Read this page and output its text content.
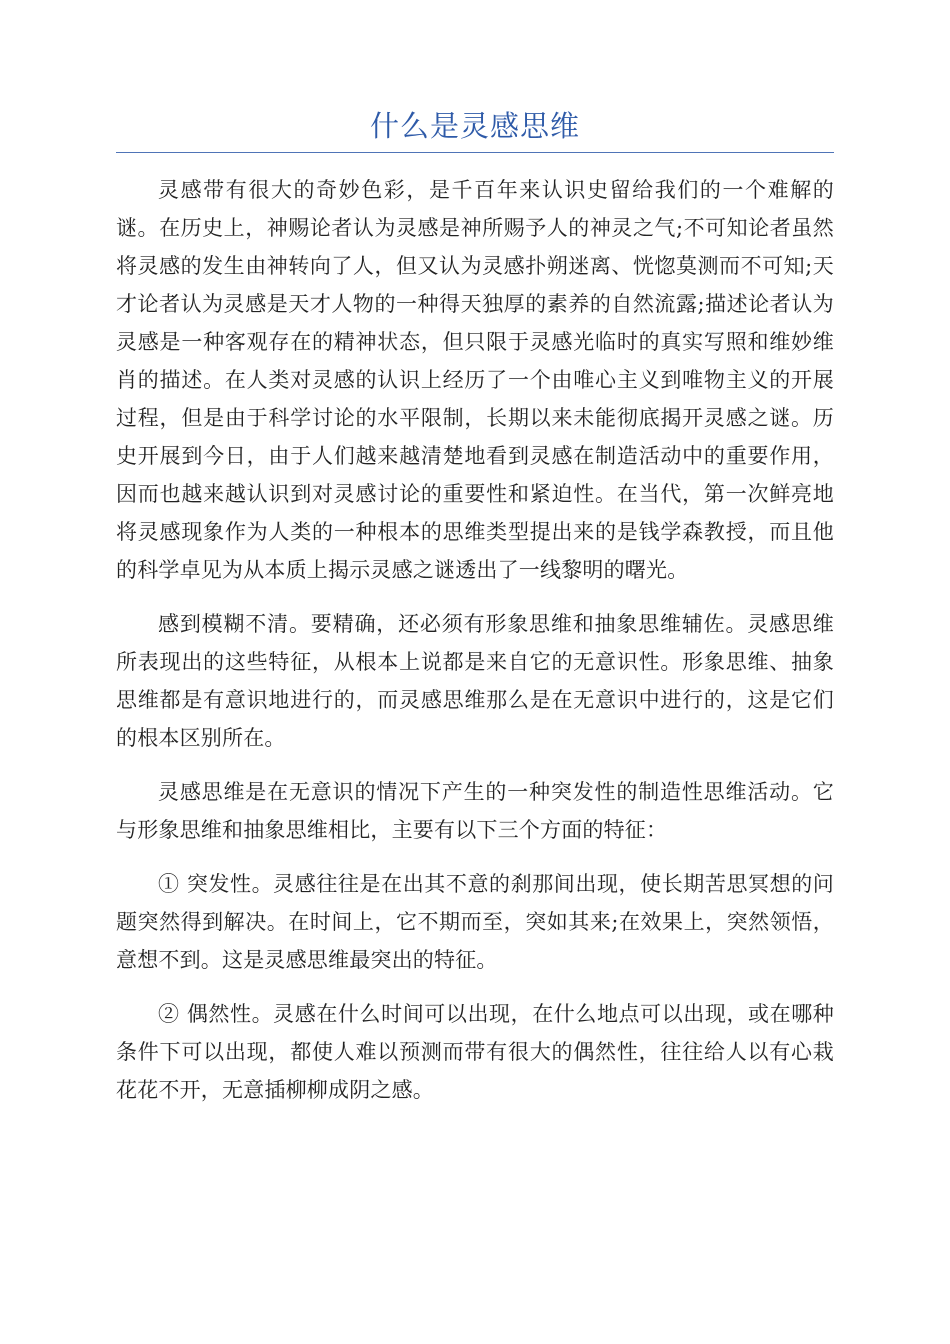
什么是灵感思维

灵感带有很大的奇妙色彩，是千百年来认识史留给我们的一个难解的谜。在历史上，神赐论者认为灵感是神所赐予人的神灵之气;不可知论者虽然将灵感的发生由神转向了人，但又认为灵感扑朔迷离、恍惚莫测而不可知;天才论者认为灵感是天才人物的一种得天独厚的素养的自然流露;描述论者认为灵感是一种客观存在的精神状态，但只限于灵感光临时的真实写照和维妙维肖的描述。在人类对灵感的认识上经历了一个由唯心主义到唯物主义的开展过程，但是由于科学讨论的水平限制，长期以来未能彻底揭开灵感之谜。历史开展到今日，由于人们越来越清楚地看到灵感在制造活动中的重要作用，因而也越来越认识到对灵感讨论的重要性和紧迫性。在当代，第一次鲜亮地将灵感现象作为人类的一种根本的思维类型提出来的是钱学森教授，而且他的科学卓见为从本质上揭示灵感之谜透出了一线黎明的曙光。

感到模糊不清。要精确，还必须有形象思维和抽象思维辅佐。灵感思维所表现出的这些特征，从根本上说都是来自它的无意识性。形象思维、抽象思维都是有意识地进行的，而灵感思维那么是在无意识中进行的，这是它们的根本区别所在。

灵感思维是在无意识的情况下产生的一种突发性的制造性思维活动。它与形象思维和抽象思维相比，主要有以下三个方面的特征：

① 突发性。灵感往往是在出其不意的刹那间出现，使长期苦思冥想的问题突然得到解决。在时间上，它不期而至，突如其来;在效果上，突然领悟，意想不到。这是灵感思维最突出的特征。

② 偶然性。灵感在什么时间可以出现，在什么地点可以出现，或在哪种条件下可以出现，都使人难以预测而带有很大的偶然性，往往给人以有心栽花花不开，无意插柳柳成阴之感。
